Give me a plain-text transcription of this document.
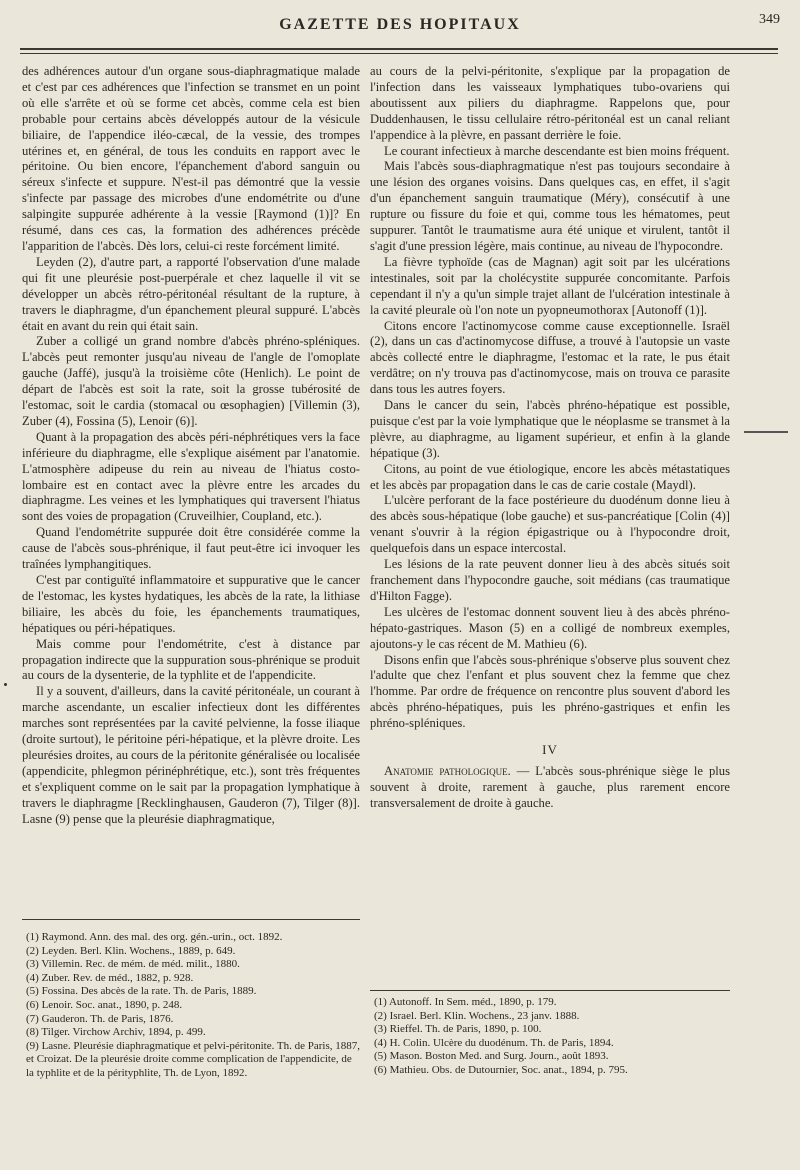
GAZETTE DES HOPITAUX	349

des adhérences autour d'un organe sous-diaphragmatique malade et c'est par ces adhérences que l'infection se transmet en un point où elle s'arrête et où se forme cet abcès, comme cela est bien probable pour certains abcès développés autour de la vésicule biliaire, de l'appendice iléo-cæcal, de la vessie, des trompes utérines et, en général, de tous les conduits en rapport avec le péritoine. Ou bien encore, l'épanchement d'abord sanguin ou séreux s'infecte et suppure. N'est-il pas démontré que la vessie s'infecte par passage des microbes d'une endométrite ou d'une salpingite suppurée adhérente à la vessie [Raymond (1)]? En résumé, dans ces cas, la formation des adhérences précède l'apparition de l'abcès. Dès lors, celui-ci reste forcément limité.

Leyden (2), d'autre part, a rapporté l'observation d'une malade qui fit une pleurésie post-puerpérale et chez laquelle il vit se développer un abcès rétro-péritonéal résultant de la rupture, à travers le diaphragme, d'un épanchement pleural suppuré. L'abcès était en avant du rein qui était sain.

Zuber a colligé un grand nombre d'abcès phréno-spléniques. L'abcès peut remonter jusqu'au niveau de l'angle de l'omoplate gauche (Jaffé), jusqu'à la troisième côte (Henlich). Le point de départ de l'abcès est soit la rate, soit la grosse tubérosité de l'estomac, soit le cardia (stomacal ou œsophagien) [Villemin (3), Zuber (4), Fossina (5), Lenoir (6)].

Quant à la propagation des abcès péri-néphrétiques vers la face inférieure du diaphragme, elle s'explique aisément par l'anatomie. L'atmosphère adipeuse du rein au niveau de l'hiatus costo-lombaire est en contact avec la plèvre entre les arcades du diaphragme. Les veines et les lymphatiques qui traversent l'hiatus sont des voies de propagation (Cruveilhier, Coupland, etc.).

Quand l'endométrite suppurée doit être considérée comme la cause de l'abcès sous-phrénique, il faut peut-être ici invoquer les traînées lymphangitiques.

C'est par contiguïté inflammatoire et suppurative que le cancer de l'estomac, les kystes hydatiques, les abcès de la rate, la lithiase biliaire, les abcès du foie, les épanchements traumatiques, hépatiques ou péri-hépatiques.

Mais comme pour l'endométrite, c'est à distance par propagation indirecte que la suppuration sous-phrénique se produit au cours de la dysenterie, de la typhlite et de l'appendicite.

Il y a souvent, d'ailleurs, dans la cavité péritonéale, un courant à marche ascendante, un escalier infectieux dont les différentes marches sont représentées par la cavité pelvienne, la fosse iliaque (droite surtout), le péritoine péri-hépatique, et la plèvre droite. Les pleurésies droites, au cours de la péritonite généralisée ou localisée (appendicite, phlegmon périnéphrétique, etc.), sont très fréquentes et s'expliquent comme on le sait par la propagation lymphatique à travers le diaphragme [Recklinghausen, Gauderon (7), Tilger (8)]. Lasne (9) pense que la pleurésie diaphragmatique,

au cours de la pelvi-péritonite, s'explique par la propagation de l'infection dans les vaisseaux lymphatiques tubo-ovariens qui aboutissent aux piliers du diaphragme. Rappelons que, pour Duddenhausen, le tissu cellulaire rétro-péritonéal est un canal reliant l'appendice à la plèvre, en passant derrière le foie.

Le courant infectieux à marche descendante est bien moins fréquent.

Mais l'abcès sous-diaphragmatique n'est pas toujours secondaire à une lésion des organes voisins. Dans quelques cas, en effet, il s'agit d'un épanchement sanguin traumatique (Méry), consécutif à une rupture ou fissure du foie et qui, comme tous les hématomes, peut suppurer. Tantôt le traumatisme aura été unique et virulent, tantôt il s'agit d'une pression légère, mais continue, au niveau de l'hypocondre.

La fièvre typhoïde (cas de Magnan) agit soit par les ulcérations intestinales, soit par la cholécystite suppurée concomitante. Parfois cependant il n'y a qu'un simple trajet allant de l'ulcération intestinale à la cavité pleurale où l'on note un pyopneumothorax [Autonoff (1)].

Citons encore l'actinomycose comme cause exceptionnelle. Israël (2), dans un cas d'actinomycose diffuse, a trouvé à l'autopsie un vaste abcès collecté entre le diaphragme, l'estomac et la rate, le pus était verdâtre; on n'y trouva pas d'actinomycose, mais on trouva ce parasite dans tous les autres foyers.

Dans le cancer du sein, l'abcès phréno-hépatique est possible, puisque c'est par la voie lymphatique que le néoplasme se transmet à la plèvre, au diaphragme, au ligament supérieur, et enfin à la glande hépatique (3).

Citons, au point de vue étiologique, encore les abcès métastatiques et les abcès par propagation dans le cas de carie costale (Maydl).

L'ulcère perforant de la face postérieure du duodénum donne lieu à des abcès sous-hépatique (lobe gauche) et sus-pancréatique [Colin (4)] venant s'ouvrir à la région épigastrique ou à l'hypocondre droit, quelquefois dans un espace intercostal.

Les lésions de la rate peuvent donner lieu à des abcès situés soit franchement dans l'hypocondre gauche, soit médians (cas traumatique d'Hilton Fagge).

Les ulcères de l'estomac donnent souvent lieu à des abcès phréno-hépato-gastriques. Mason (5) en a colligé de nombreux exemples, ajoutons-y le cas récent de M. Mathieu (6).

Disons enfin que l'abcès sous-phrénique s'observe plus souvent chez l'adulte que chez l'enfant et plus souvent chez la femme que chez l'homme. Par ordre de fréquence on rencontre plus souvent d'abord les abcès phréno-hépatiques, puis les phréno-gastriques et enfin les phréno-spléniques.

IV

Anatomie pathologique. — L'abcès sous-phrénique siège le plus souvent à droite, rarement à gauche, plus rarement encore transversalement de droite à gauche.

(1) Raymond. Ann. des mal. des org. gén.-urin., oct. 1892.
(2) Leyden. Berl. Klin. Wochens., 1889, p. 649.
(3) Villemin. Rec. de mém. de méd. milit., 1880.
(4) Zuber. Rev. de méd., 1882, p. 928.
(5) Fossina. Des abcès de la rate. Th. de Paris, 1889.
(6) Lenoir. Soc. anat., 1890, p. 248.
(7) Gauderon. Th. de Paris, 1876.
(8) Tilger. Virchow Archiv, 1894, p. 499.
(9) Lasne. Pleurésie diaphragmatique et pelvi-péritonite. Th. de Paris, 1887, et Croizat. De la pleurésie droite comme complication de l'appendicite, de la typhlite et de la pérityphlite, Th. de Lyon, 1892.
(1) Autonoff. In Sem. méd., 1890, p. 179.
(2) Israel. Berl. Klin. Wochens., 23 janv. 1888.
(3) Rieffel. Th. de Paris, 1890, p. 100.
(4) H. Colin. Ulcère du duodénum. Th. de Paris, 1894.
(5) Mason. Boston Med. and Surg. Journ., août 1893.
(6) Mathieu. Obs. de Dutournier, Soc. anat., 1894, p. 795.
